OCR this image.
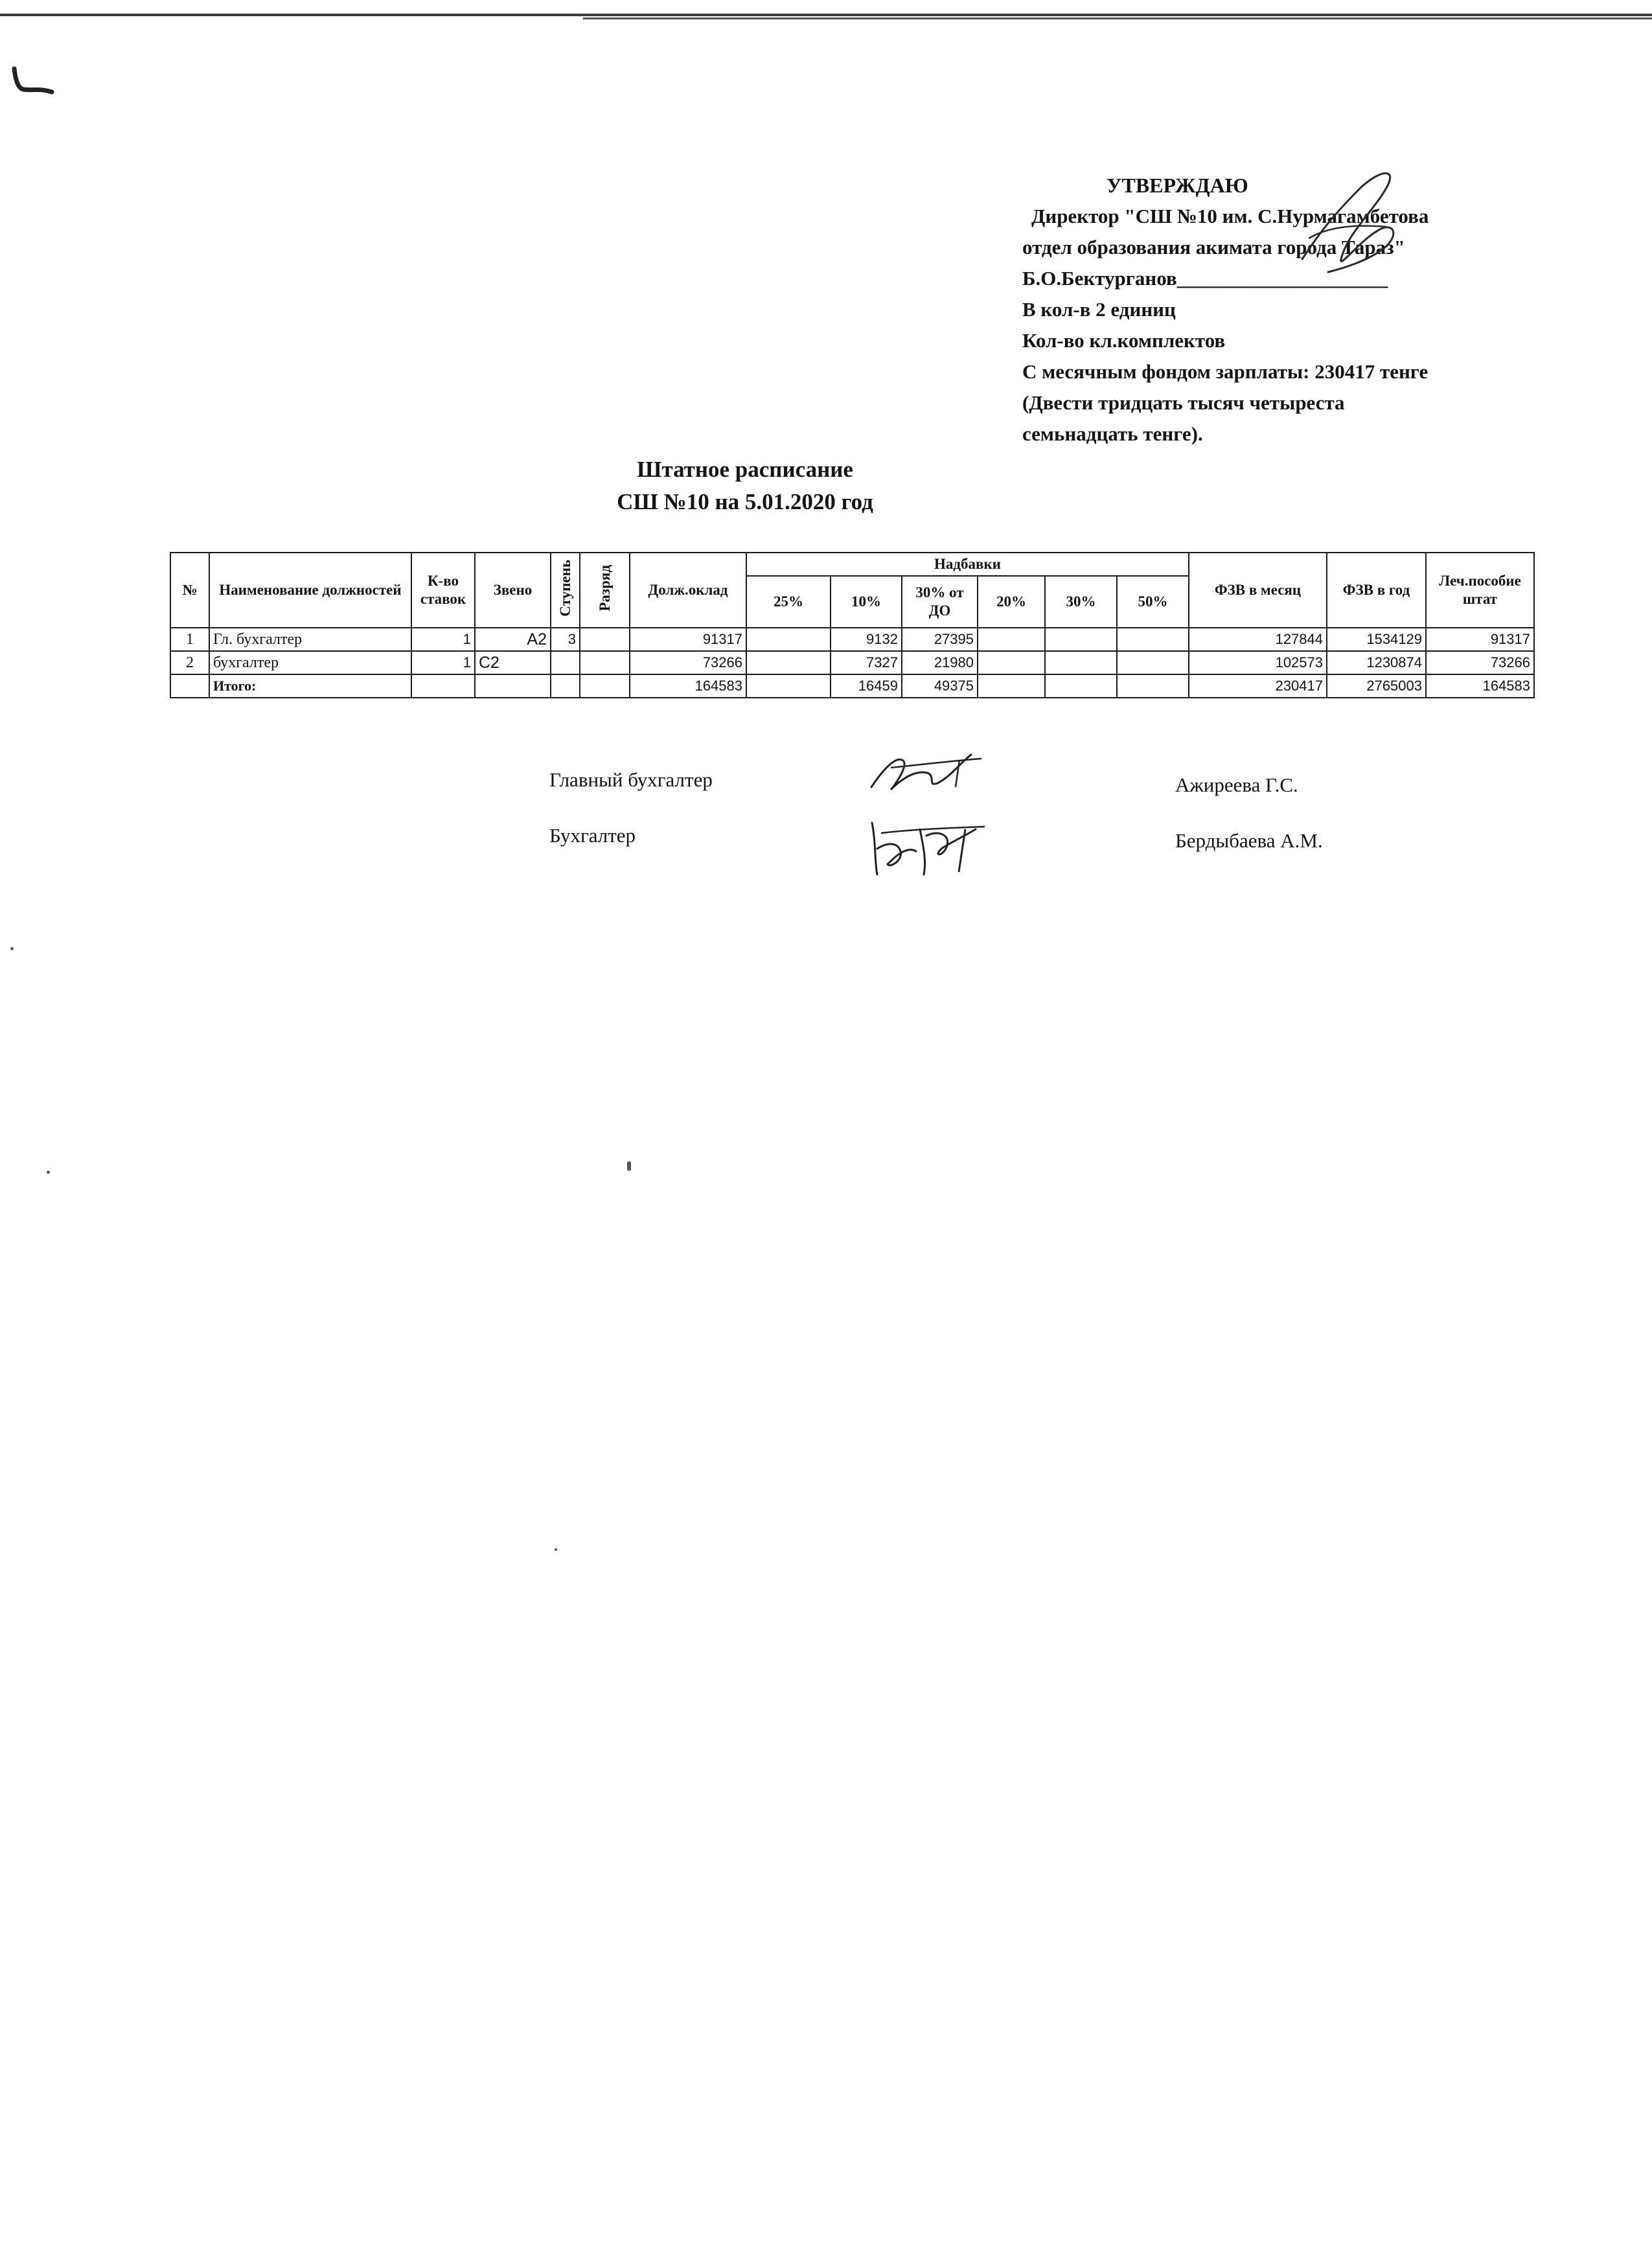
УТВЕРЖДАЮ
Директор "СШ №10 им. С.Нурмагамбетова
отдел образования акимата города Тараз"
Б.О.Бектурганов_____________________
В кол-в 2 единиц
Кол-во кл.комплектов
С месячным фондом зарплаты: 230417 тенге
(Двести тридцать тысяч четыреста
семьнадцать тенге).
Штатное расписание
СШ №10 на 5.01.2020 год
№	Наименование должностей	К-во ставок	Звено	Ступень	Разряд	Долж.оклад	Надбавки						ФЗВ в месяц	ФЗВ в год	Леч.пособие штат
							25%	10%	30% от ДО	20%	30%	50%			
1	Гл. бухгалтер	1	А2	3		91317		9132	27395				127844	1534129	91317
2	бухгалтер	1	С2			73266		7327	21980				102573	1230874	73266
	Итого:					164583		16459	49375				230417	2765003	164583
Главный бухгалтер	Ажиреева Г.С.
Бухгалтер	Бердыбаева А.М.
